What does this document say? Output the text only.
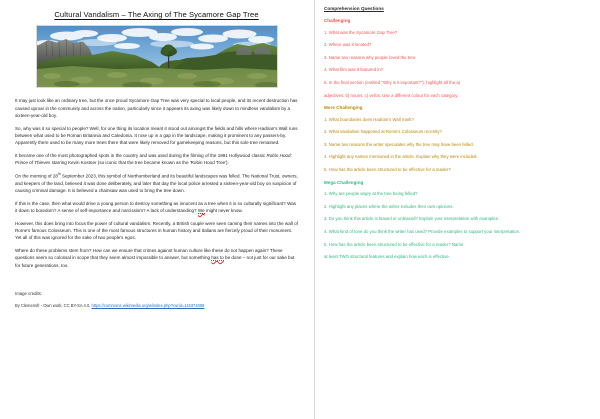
Cultural Vandalism – The Axing of The Sycamore Gap Tree

It may just look like an ordinary tree, but the once proud Sycamore Gap Tree was very special to local people, and its recent destruction has caused uproar in the community and across the nation, particularly since it appears its axing was likely down to mindless vandalism by a sixteen-year-old boy.

So, why was it so special to people? Well, for one thing its location meant it stood out amongst the fields and hills where Hadrian's Wall runs between what used to be Roman Britannia and Caledonia. It rose up in a gap in the landscape, making it prominent to any passers-by. Apparently there used to be many more trees there that were likely removed for gamekeeping reasons, but this sole tree remained.

It became one of the most photographed spots in the country and was used during the filming of the 1991 Hollywood classic Robin Hood: Prince of Thieves starring Kevin Kostner (so iconic that the tree became known as the 'Robin Hood Tree').

On the morning of 28th September 2023, this symbol of Northumberland and its beautiful landscapes was felled. The National Trust, owners, and keepers of the land, believed it was done deliberately, and later that day the local police arrested a sixteen-year-old boy on suspicion of causing criminal damage. It is believed a chainsaw was used to bring the tree down.

If this is the case, then what would drive a young person to destroy something as innocent as a tree when it is so culturally significant? Was it down to boredom? A sense of self-importance and narcissism? A lack of understanding? We might never know.

However, this does bring into focus the power of cultural vandalism. Recently, a British couple were seen carving their names into the wall of Rome's famous Colosseum. This is one of the most famous structures in human history and Italians are fiercely proud of their monument. Yet all of this was ignored for the sake of two people's egos.

Where do these problems stem from? How can we ensure that crimes against human culture like these do not happen again? These questions seem so colossal in scope that they seem almost impossible to answer, but something has to be done – not just for our sake but for future generations, too.

Image credits:

By Clemensfr - Own work, CC BY-SA 4.0, https://commons.wikimedia.org/w/index.php?curid=115374008

Comprehension Questions
Challenging
1. What was the Sycamore Gap Tree?
2. Where was it located?
3. Name two reasons why people loved the tree.
4. What film was it featured in?
5. In the final section (entitled "Why is it important?"), highlight all the a)
adjectives; b) nouns; c) verbs. Use a different colour for each category.
More Challenging
1. What boundaries does Hadrian's Wall mark?
2. What vandalism happened at Rome's Colosseum recently?
3. Name two reasons the writer speculates why the tree may have been felled.
4. Highlight any names mentioned in the article. Explain why they were included.
5. How has the article been structured to be effective for a reader?
Mega Challenging
1. Why are people angry at the tree being felled?
2. Highlight any places where the writer includes their own opinions.
3. Do you think this article is biased or unbiased? Explain your interpretation with examples.
4. What kind of tone do you think the writer has used? Provide examples to support your interpretation.
5. How has the article been structured to be effective for a reader? Name
at least TWO structural features and explain how each is effective.
